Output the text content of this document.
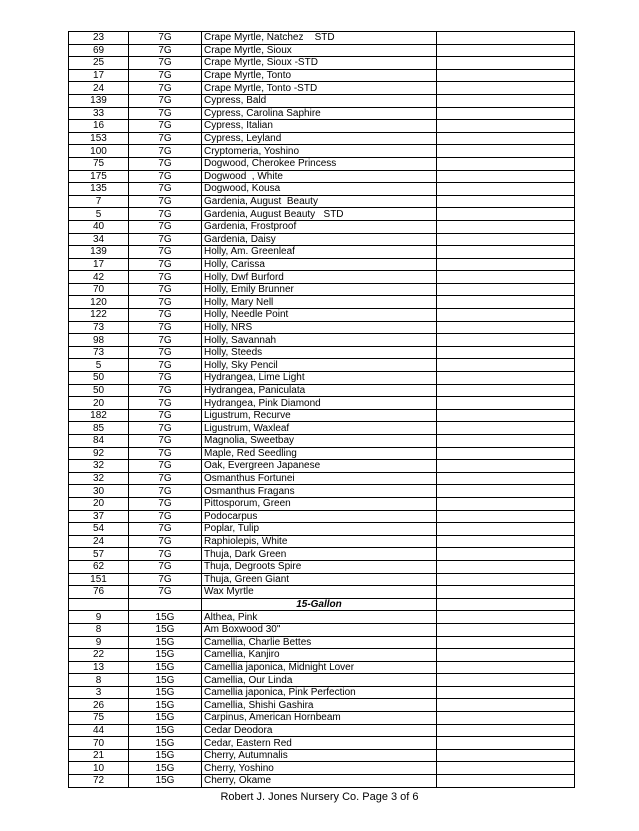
23	7G	Crape Myrtle, Natchez    STD	
69	7G	Crape Myrtle, Sioux	
25	7G	Crape Myrtle, Sioux -STD	
17	7G	Crape Myrtle, Tonto	
24	7G	Crape Myrtle, Tonto -STD	
139	7G	Cypress, Bald	
33	7G	Cypress, Carolina Saphire	
16	7G	Cypress, Italian	
153	7G	Cypress, Leyland	
100	7G	Cryptomeria, Yoshino	
75	7G	Dogwood, Cherokee Princess	
175	7G	Dogwood  , White	
135	7G	Dogwood, Kousa	
7	7G	Gardenia, August  Beauty	
5	7G	Gardenia, August Beauty   STD	
40	7G	Gardenia, Frostproof	
34	7G	Gardenia, Daisy	
139	7G	Holly, Am. Greenleaf	
17	7G	Holly, Carissa	
42	7G	Holly, Dwf Burford	
70	7G	Holly, Emily Brunner	
120	7G	Holly, Mary Nell	
122	7G	Holly, Needle Point	
73	7G	Holly, NRS	
98	7G	Holly, Savannah	
73	7G	Holly, Steeds	
5	7G	Holly, Sky Pencil	
50	7G	Hydrangea, Lime Light	
50	7G	Hydrangea, Paniculata	
20	7G	Hydrangea, Pink Diamond	
182	7G	Ligustrum, Recurve	
85	7G	Ligustrum, Waxleaf	
84	7G	Magnolia, Sweetbay	
92	7G	Maple, Red Seedling	
32	7G	Oak, Evergreen Japanese	
32	7G	Osmanthus Fortunei	
30	7G	Osmanthus Fragans	
20	7G	Pittosporum, Green	
37	7G	Podocarpus	
54	7G	Poplar, Tulip	
24	7G	Raphiolepis, White	
57	7G	Thuja, Dark Green	
62	7G	Thuja, Degroots Spire	
151	7G	Thuja, Green Giant	
76	7G	Wax Myrtle	
		15-Gallon	
9	15G	Althea, Pink	
8	15G	Am Boxwood 30"	
9	15G	Camellia, Charlie Bettes	
22	15G	Camellia, Kanjiro	
13	15G	Camellia japonica, Midnight Lover	
8	15G	Camellia, Our Linda	
3	15G	Camellia japonica, Pink Perfection	
26	15G	Camellia, Shishi Gashira	
75	15G	Carpinus, American Hornbeam	
44	15G	Cedar Deodora	
70	15G	Cedar, Eastern Red	
21	15G	Cherry, Autumnalis	
10	15G	Cherry, Yoshino	
72	15G	Cherry, Okame	
Robert J. Jones Nursery Co. Page 3 of 6
